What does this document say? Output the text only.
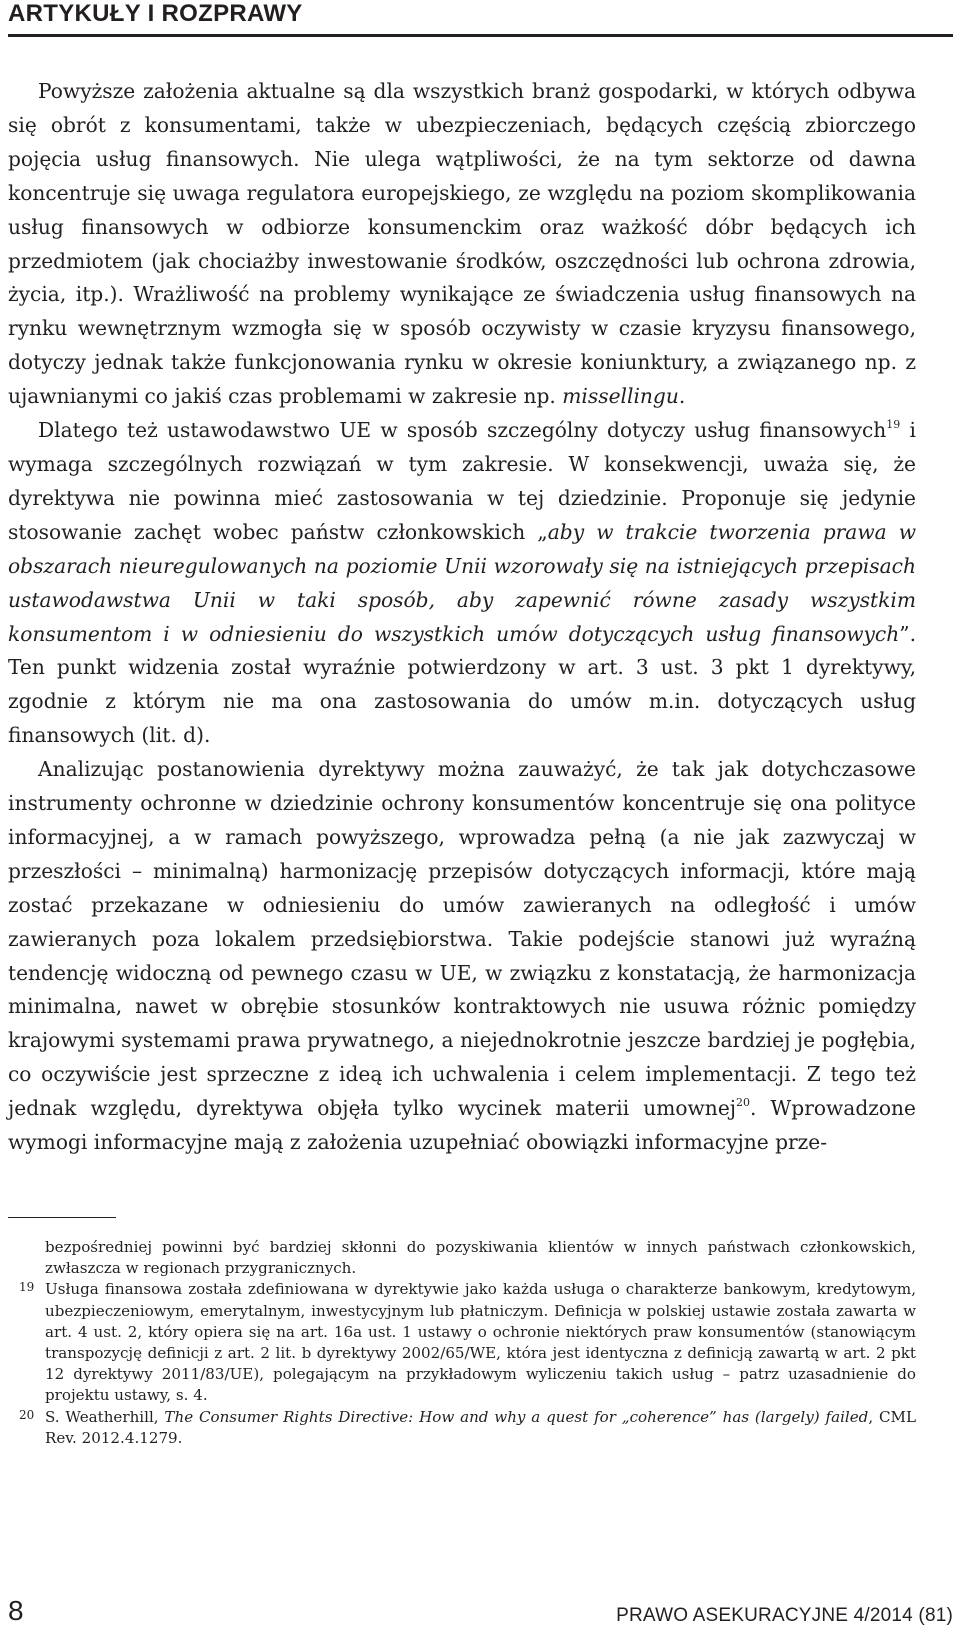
ARTYKUŁY I ROZPRAWY

Powyższe założenia aktualne są dla wszystkich branż gospodarki, w których odbywa się obrót z konsumentami, także w ubezpieczeniach, będących częścią zbiorczego pojęcia usług finansowych. Nie ulega wątpliwości, że na tym sektorze od dawna koncentruje się uwaga regulatora europejskiego, ze względu na poziom skomplikowania usług finansowych w odbiorze konsumenckim oraz ważkość dóbr będących ich przedmiotem (jak chociażby inwestowanie środków, oszczędności lub ochrona zdrowia, życia, itp.). Wrażliwość na problemy wynikające ze świadczenia usług finansowych na rynku wewnętrznym wzmogła się w sposób oczywisty w czasie kryzysu finansowego, dotyczy jednak także funkcjonowania rynku w okresie koniunktury, a związanego np. z ujawnianymi co jakiś czas problemami w zakresie np. missellingu.

Dlatego też ustawodawstwo UE w sposób szczególny dotyczy usług finansowych$^{19}$ i wymaga szczególnych rozwiązań w tym zakresie. W konsekwencji, uważa się, że dyrektywa nie powinna mieć zastosowania w tej dziedzinie. Proponuje się jedynie stosowanie zachęt wobec państw członkowskich „aby w trakcie tworzenia prawa w obszarach nieuregulowanych na poziomie Unii wzorowały się na istniejących przepisach ustawodawstwa Unii w taki sposób, aby zapewnić równe zasady wszystkim konsumentom i w odniesieniu do wszystkich umów dotyczących usług finansowych”. Ten punkt widzenia został wyraźnie potwierdzony w art. 3 ust. 3 pkt 1 dyrektywy, zgodnie z którym nie ma ona zastosowania do umów m.in. dotyczących usług finansowych (lit. d).

Analizując postanowienia dyrektywy można zauważyć, że tak jak dotychczasowe instrumenty ochronne w dziedzinie ochrony konsumentów koncentruje się ona polityce informacyjnej, a w ramach powyższego, wprowadza pełną (a nie jak zazwyczaj w przeszłości – minimalną) harmonizację przepisów dotyczących informacji, które mają zostać przekazane w odniesieniu do umów zawieranych na odległość i umów zawieranych poza lokalem przedsiębiorstwa. Takie podejście stanowi już wyraźną tendencję widoczną od pewnego czasu w UE, w związku z konstatacją, że harmonizacja minimalna, nawet w obrębie stosunków kontraktowych nie usuwa różnic pomiędzy krajowymi systemami prawa prywatnego, a niejednokrotnie jeszcze bardziej je pogłębia, co oczywiście jest sprzeczne z ideą ich uchwalenia i celem implementacji. Z tego też jednak względu, dyrektywa objęła tylko wycinek materii umownej$^{20}$. Wprowadzone wymogi informacyjne mają z założenia uzupełniać obowiązki informacyjne prze-

bezpośredniej powinni być bardziej skłonni do pozyskiwania klientów w innych państwach członkowskich, zwłaszcza w regionach przygranicznych.

19 Usługa finansowa została zdefiniowana w dyrektywie jako każda usługa o charakterze bankowym, kredytowym, ubezpieczeniowym, emerytalnym, inwestycyjnym lub płatniczym. Definicja w polskiej ustawie została zawarta w art. 4 ust. 2, który opiera się na art. 16a ust. 1 ustawy o ochronie niektórych praw konsumentów (stanowiącym transpozycję definicji z art. 2 lit. b dyrektywy 2002/65/WE, która jest identyczna z definicją zawartą w art. 2 pkt 12 dyrektywy 2011/83/UE), polegającym na przykładowym wyliczeniu takich usług – patrz uzasadnienie do projektu ustawy, s. 4.

20 S. Weatherhill, The Consumer Rights Directive: How and why a quest for „coherence” has (largely) failed, CML Rev. 2012.4.1279.

8	PRAWO ASEKURACYJNE 4/2014 (81)
